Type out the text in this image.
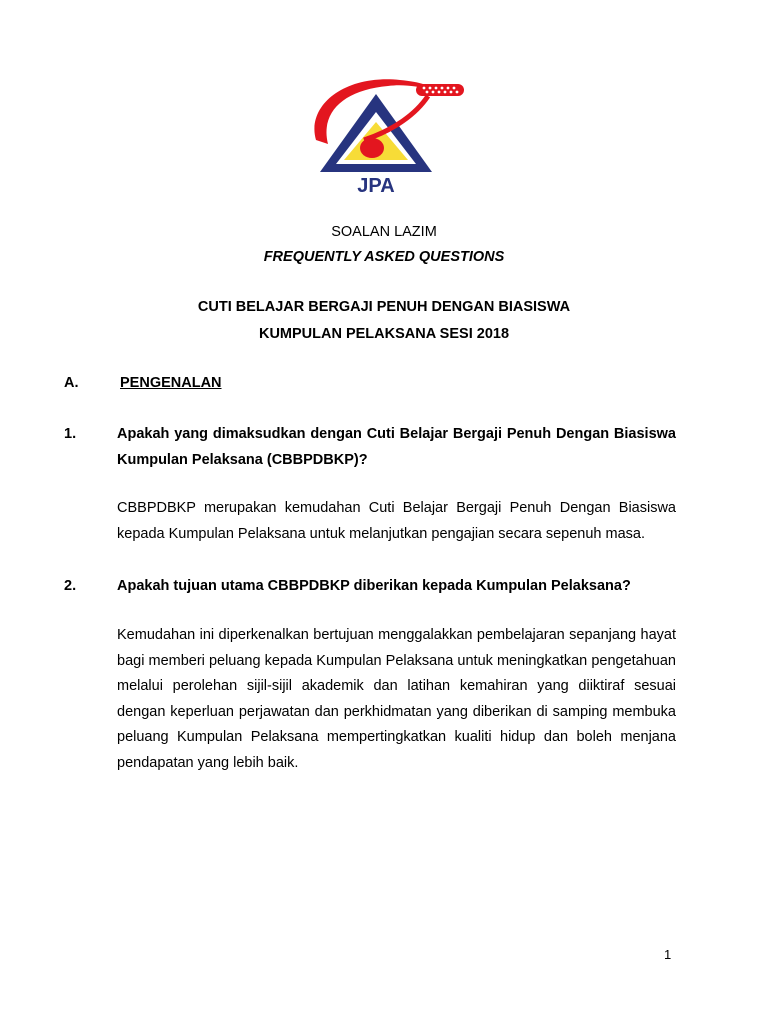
JPA
SOALAN LAZIM
FREQUENTLY ASKED QUESTIONS
CUTI BELAJAR BERGAJI PENUH DENGAN BIASISWA
KUMPULAN PELAKSANA SESI 2018
A.	PENGENALAN
1.	Apakah yang dimaksudkan dengan Cuti Belajar Bergaji Penuh Dengan Biasiswa Kumpulan Pelaksana (CBBPDBKP)?
CBBPDBKP merupakan kemudahan Cuti Belajar Bergaji Penuh Dengan Biasiswa kepada Kumpulan Pelaksana untuk melanjutkan pengajian secara sepenuh masa.
2.	Apakah tujuan utama CBBPDBKP diberikan kepada Kumpulan Pelaksana?
Kemudahan ini diperkenalkan bertujuan menggalakkan pembelajaran sepanjang hayat bagi memberi peluang kepada Kumpulan Pelaksana untuk meningkatkan pengetahuan melalui perolehan sijil-sijil akademik dan latihan kemahiran yang diiktiraf sesuai dengan keperluan perjawatan dan perkhidmatan yang diberikan di samping membuka peluang Kumpulan Pelaksana mempertingkatkan kualiti hidup dan boleh menjana pendapatan yang lebih baik.
1
